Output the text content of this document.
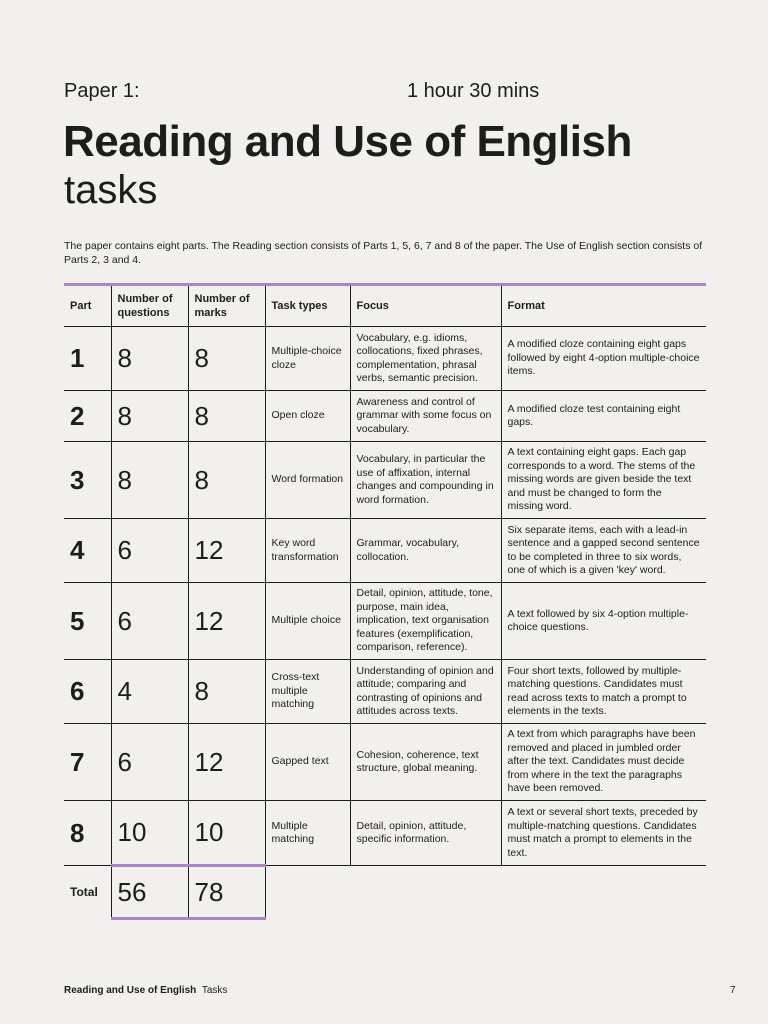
Paper 1:	1 hour 30 mins
Reading and Use of English
tasks
The paper contains eight parts. The Reading section consists of Parts 1, 5, 6, 7 and 8 of the paper. The Use of English section consists of Parts 2, 3 and 4.
Part	Number of questions	Number of marks	Task types	Focus	Format
1	8	8	Multiple-choice cloze	Vocabulary, e.g. idioms, collocations, fixed phrases, complementation, phrasal verbs, semantic precision.	A modified cloze containing eight gaps followed by eight 4-option multiple-choice items.
2	8	8	Open cloze	Awareness and control of grammar with some focus on vocabulary.	A modified cloze test containing eight gaps.
3	8	8	Word formation	Vocabulary, in particular the use of affixation, internal changes and compounding in word formation.	A text containing eight gaps. Each gap corresponds to a word. The stems of the missing words are given beside the text and must be changed to form the missing word.
4	6	12	Key word transformation	Grammar, vocabulary, collocation.	Six separate items, each with a lead-in sentence and a gapped second sentence to be completed in three to six words, one of which is a given 'key' word.
5	6	12	Multiple choice	Detail, opinion, attitude, tone, purpose, main idea, implication, text organisation features (exemplification, comparison, reference).	A text followed by six 4-option multiple-choice questions.
6	4	8	Cross-text multiple matching	Understanding of opinion and attitude; comparing and contrasting of opinions and attitudes across texts.	Four short texts, followed by multiple-matching questions. Candidates must read across texts to match a prompt to elements in the texts.
7	6	12	Gapped text	Cohesion, coherence, text structure, global meaning.	A text from which paragraphs have been removed and placed in jumbled order after the text. Candidates must decide from where in the text the paragraphs have been removed.
8	10	10	Multiple matching	Detail, opinion, attitude, specific information.	A text or several short texts, preceded by multiple-matching questions. Candidates must match a prompt to elements in the text.
Total	56	78			
Reading and Use of English Tasks	7
